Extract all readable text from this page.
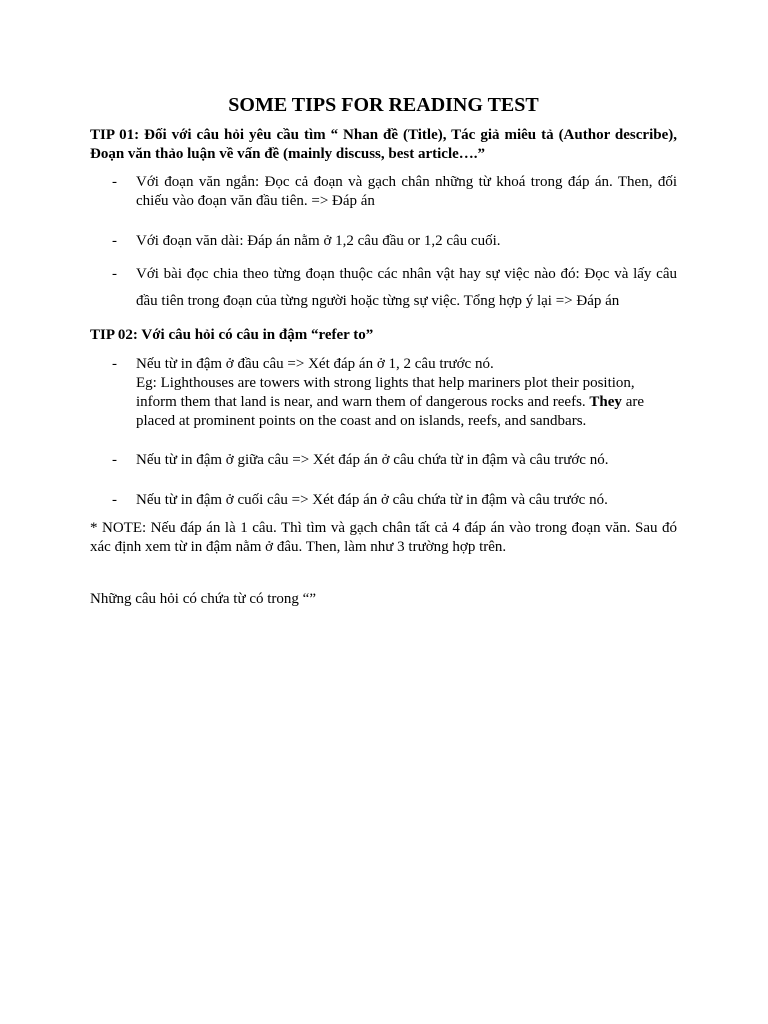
SOME TIPS FOR READING TEST

TIP 01: Đối với câu hỏi yêu cầu tìm “ Nhan đề (Title), Tác giả miêu tả (Author describe), Đoạn văn thảo luận về vấn đề (mainly discuss, best article….”

- Với đoạn văn ngắn: Đọc cả đoạn và gạch chân những từ khoá trong đáp án. Then, đối chiếu vào đoạn văn đầu tiên. => Đáp án
- Với đoạn văn dài: Đáp án nằm ở 1,2 câu đầu or 1,2 câu cuối.
- Với bài đọc chia theo từng đoạn thuộc các nhân vật hay sự việc nào đó: Đọc và lấy câu đầu tiên trong đoạn của từng người hoặc từng sự việc. Tổng hợp ý lại => Đáp án

TIP 02: Với câu hỏi có câu in đậm “refer to”

- Nếu từ in đậm ở đầu câu => Xét đáp án ở 1, 2 câu trước nó.
Eg: Lighthouses are towers with strong lights that help mariners plot their position, inform them that land is near, and warn them of dangerous rocks and reefs. They are placed at prominent points on the coast and on islands, reefs, and sandbars.
- Nếu từ in đậm ở giữa câu => Xét đáp án ở câu chứa từ in đậm và câu trước nó.
- Nếu từ in đậm ở cuối câu => Xét đáp án ở câu chứa từ in đậm và câu trước nó.

* NOTE: Nếu đáp án là 1 câu. Thì tìm và gạch chân tất cả 4 đáp án vào trong đoạn văn. Sau đó xác định xem từ in đậm nằm ở đâu. Then, làm như 3 trường hợp trên.

Những câu hỏi có chứa từ có trong “”
